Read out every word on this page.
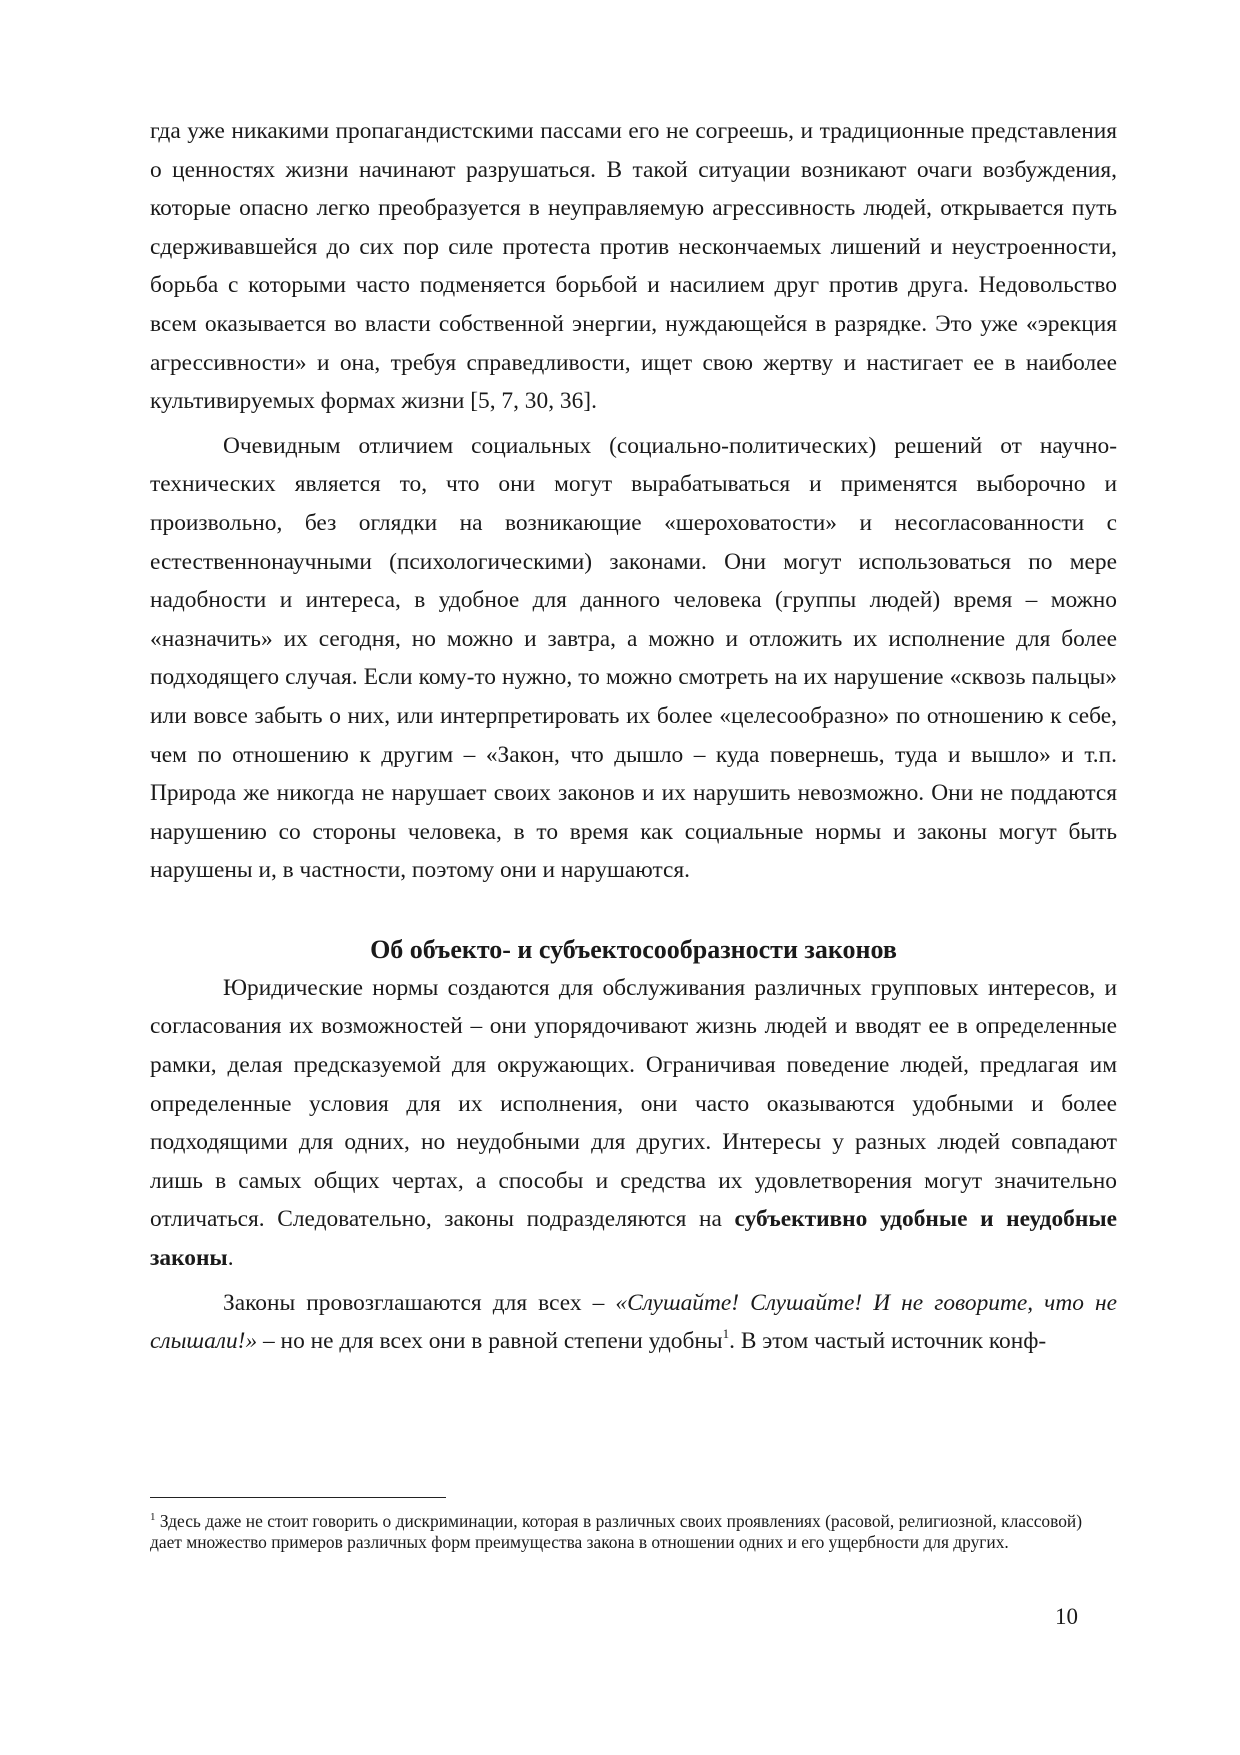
гда уже никакими пропагандистскими пассами его не согреешь, и традиционные представления о ценностях жизни начинают разрушаться. В такой ситуации возникают очаги возбуждения, которые опасно легко преобразуется в неуправляемую агрессивность людей, открывается путь сдерживавшейся до сих пор силе протеста против нескончаемых лишений и неустроенности, борьба с которыми часто подменяется борьбой и насилием друг против друга. Недовольство всем оказывается во власти собственной энергии, нуждающейся в разрядке. Это уже «эрекция агрессивности» и она, требуя справедливости, ищет свою жертву и настигает ее в наиболее культивируемых формах жизни [5, 7, 30, 36].

Очевидным отличием социальных (социально-политических) решений от научно-технических является то, что они могут вырабатываться и применятся выборочно и произвольно, без оглядки на возникающие «шероховатости» и несогласованности с естественнонаучными (психологическими) законами. Они могут использоваться по мере надобности и интереса, в удобное для данного человека (группы людей) время – можно «назначить» их сегодня, но можно и завтра, а можно и отложить их исполнение для более подходящего случая. Если кому-то нужно, то можно смотреть на их нарушение «сквозь пальцы» или вовсе забыть о них, или интерпретировать их более «целесообразно» по отношению к себе, чем по отношению к другим – «Закон, что дышло – куда повернешь, туда и вышло» и т.п. Природа же никогда не нарушает своих законов и их нарушить невозможно. Они не поддаются нарушению со стороны человека, в то время как социальные нормы и законы могут быть нарушены и, в частности, поэтому они и нарушаются.

Об объекто- и субъектосообразности законов

Юридические нормы создаются для обслуживания различных групповых интересов, и согласования их возможностей – они упорядочивают жизнь людей и вводят ее в определенные рамки, делая предсказуемой для окружающих. Ограничивая поведение людей, предлагая им определенные условия для их исполнения, они часто оказываются удобными и более подходящими для одних, но неудобными для других. Интересы у разных людей совпадают лишь в самых общих чертах, а способы и средства их удовлетворения могут значительно отличаться. Следовательно, законы подразделяются на субъективно удобные и неудобные законы.

Законы провозглашаются для всех – «Слушайте! Слушайте! И не говорите, что не слышали!» – но не для всех они в равной степени удобны$^1$. В этом частый источник конф-

$^1$ Здесь даже не стоит говорить о дискриминации, которая в различных своих проявлениях (расовой, религиозной, классовой) дает множество примеров различных форм преимущества закона в отношении одних и его ущербности для других.

10
